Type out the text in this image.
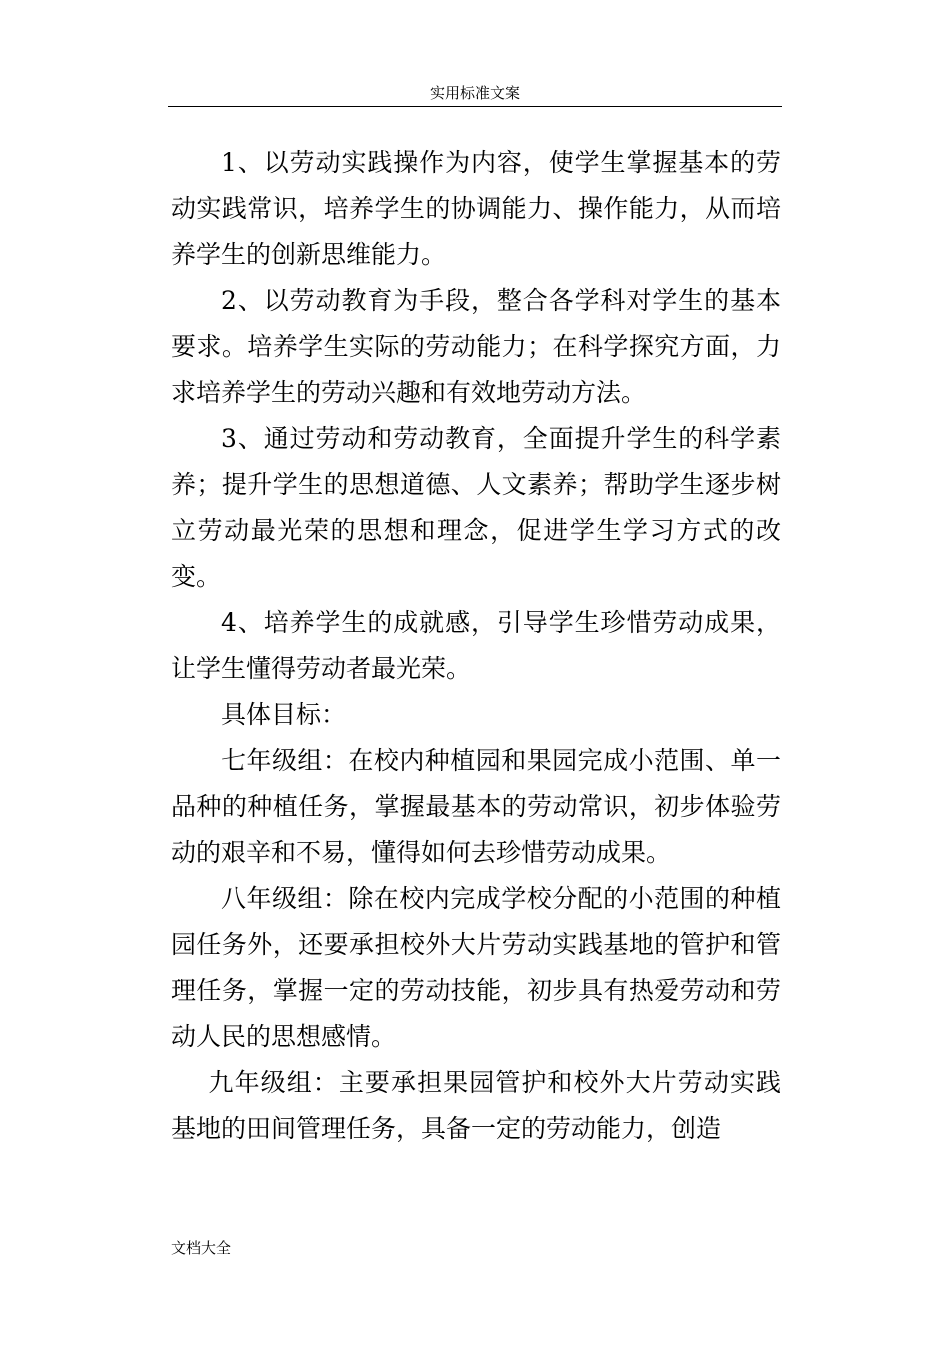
实用标准文案

1、以劳动实践操作为内容，使学生掌握基本的劳动实践常识，培养学生的协调能力、操作能力，从而培养学生的创新思维能力。

2、以劳动教育为手段，整合各学科对学生的基本要求。培养学生实际的劳动能力；在科学探究方面，力求培养学生的劳动兴趣和有效地劳动方法。

3、通过劳动和劳动教育，全面提升学生的科学素养；提升学生的思想道德、人文素养；帮助学生逐步树立劳动最光荣的思想和理念，促进学生学习方式的改变。

4、培养学生的成就感，引导学生珍惜劳动成果，让学生懂得劳动者最光荣。

具体目标：

七年级组：在校内种植园和果园完成小范围、单一品种的种植任务，掌握最基本的劳动常识，初步体验劳动的艰辛和不易，懂得如何去珍惜劳动成果。

八年级组：除在校内完成学校分配的小范围的种植园任务外，还要承担校外大片劳动实践基地的管护和管理任务，掌握一定的劳动技能，初步具有热爱劳动和劳动人民的思想感情。

九年级组：主要承担果园管护和校外大片劳动实践基地的田间管理任务，具备一定的劳动能力，创造

文档大全
